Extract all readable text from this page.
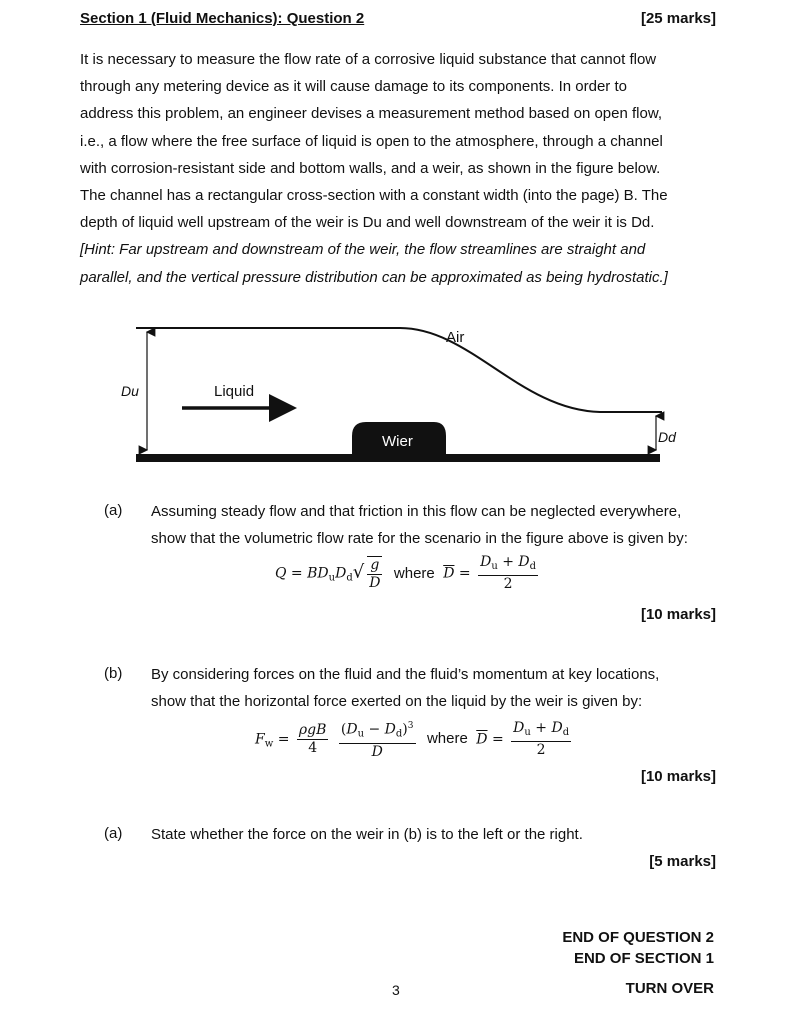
Section 1 (Fluid Mechanics): Question 2	[25 marks]
It is necessary to measure the flow rate of a corrosive liquid substance that cannot flow
through any metering device as it will cause damage to its components. In order to
address this problem, an engineer devises a measurement method based on open flow,
i.e., a flow where the free surface of liquid is open to the atmosphere, through a channel
with corrosion-resistant side and bottom walls, and a weir, as shown in the figure below.
The channel has a rectangular cross-section with a constant width (into the page) B. The
depth of liquid well upstream of the weir is Du and well downstream of the weir it is Dd.
[Hint: Far upstream and downstream of the weir, the flow streamlines are straight and
parallel, and the vertical pressure distribution can be approximated as being hydrostatic.]
Air
Liquid
Wier
Du
Dd
(a) Assuming steady flow and that friction in this flow can be neglected everywhere,
show that the volumetric flow rate for the scenario in the figure above is given by:
$Q = BD_uD_d√ \frac{g}{D}$ where $\overline{D} = \frac{D_u + D_d}{2}$
[10 marks]
(b) By considering forces on the fluid and the fluid’s momentum at key locations,
show that the horizontal force exerted on the liquid by the weir is given by:
$F_w = \frac{\text{ρgB}}{4}$
$\frac{(D_u - D_d)^3}{D}$ where $\overline{D} = \frac{D_u + D_d}{2}$
[10 marks]
(a) State whether the force on the weir in (b) is to the left or the right.
[5 marks]
END OF QUESTION 2
END OF SECTION 1
TURN OVER
3
